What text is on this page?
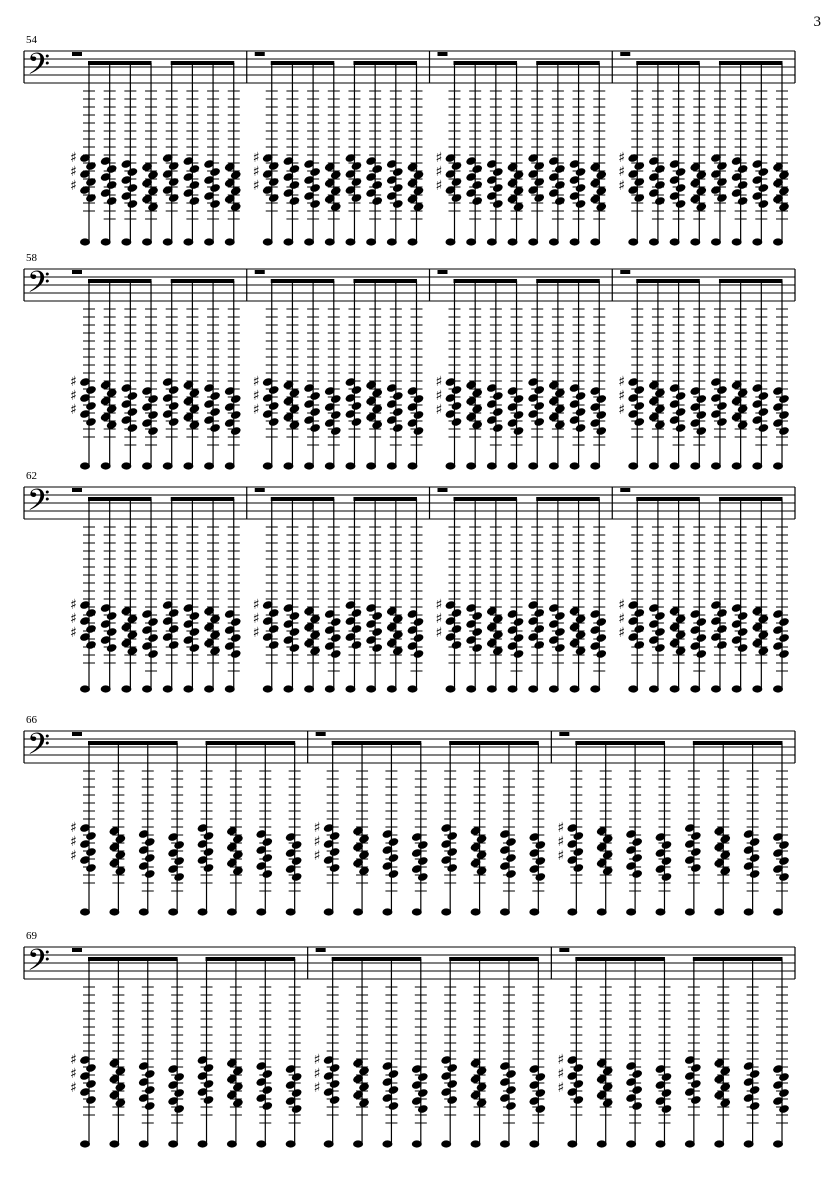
3
𝄢
♯
♯
♯
♯
♯
♯
♯
♯
♯
♯
♯
♯
𝄢
♯
♯
♯
♯
♯
♯
♯
♯
♯
♯
♯
♯
𝄢
♯
♯
♯
♯
♯
♯
♯
♯
♯
♯
♯
♯
𝄢
♯
♯
♯
♯
♯
♯
♯
♯
♯
𝄢
♯
♯
♯
♯
♯
♯
♯
♯
♯
54
58
62
66
69
